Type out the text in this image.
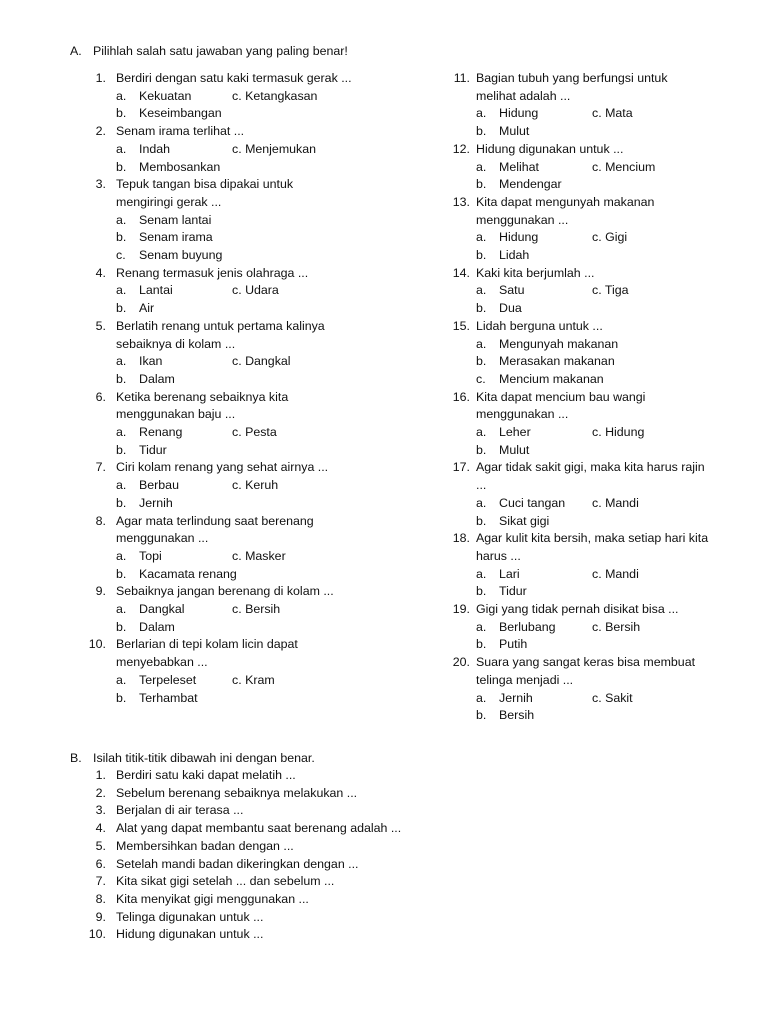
A. Pilihlah salah satu jawaban yang paling benar!
B. Isilah titik-titik dibawah ini dengan benar.
1. Berdiri dengan satu kaki termasuk gerak ...
a. Kekuatan	c. Ketangkasan
b. Keseimbangan
2. Senam irama terlihat ...
a. Indah	c. Menjemukan
b. Membosankan
3. Tepuk tangan bisa dipakai untuk
mengiringi gerak ...
a. Senam lantai
b. Senam irama
c. Senam buyung
4. Renang termasuk jenis olahraga ...
a. Lantai	c. Udara
b. Air
5. Berlatih renang untuk pertama kalinya
sebaiknya di kolam ...
a. Ikan	c. Dangkal
b. Dalam
6. Ketika berenang sebaiknya kita
menggunakan baju ...
a. Renang	c. Pesta
b. Tidur
7. Ciri kolam renang yang sehat airnya ...
a. Berbau	c. Keruh
b. Jernih
8. Agar mata terlindung saat berenang
menggunakan ...
a. Topi	c. Masker
b. Kacamata renang
9. Sebaiknya jangan berenang di kolam ...
a. Dangkal	c. Bersih
b. Dalam
10. Berlarian di tepi kolam licin dapat
menyebabkan ...
a. Terpeleset	c. Kram
b. Terhambat
11. Bagian tubuh yang berfungsi untuk
melihat adalah ...
a. Hidung	c. Mata
b. Mulut
12. Hidung digunakan untuk ...
a. Melihat	c. Mencium
b. Mendengar
13. Kita dapat mengunyah makanan
menggunakan ...
a. Hidung	c. Gigi
b. Lidah
14. Kaki kita berjumlah ...
a. Satu	c. Tiga
b. Dua
15. Lidah berguna untuk ...
a. Mengunyah makanan
b. Merasakan makanan
c. Mencium makanan
16. Kita dapat mencium bau wangi
menggunakan ...
a. Leher	c. Hidung
b. Mulut
17. Agar tidak sakit gigi, maka kita harus rajin
...
a. Cuci tangan c. Mandi
b. Sikat gigi
18. Agar kulit kita bersih, maka setiap hari kita
harus ...
a. Lari	c. Mandi
b. Tidur
19. Gigi yang tidak pernah disikat bisa ...
a. Berlubang	c. Bersih
b. Putih
20. Suara yang sangat keras bisa membuat
telinga menjadi ...
a. Jernih	c. Sakit
b. Bersih
1. Berdiri satu kaki dapat melatih ...
2. Sebelum berenang sebaiknya melakukan ...
3. Berjalan di air terasa ...
4. Alat yang dapat membantu saat berenang adalah ...
5. Membersihkan badan dengan ...
6. Setelah mandi badan dikeringkan dengan ...
7. Kita sikat gigi setelah ... dan sebelum ...
8. Kita menyikat gigi menggunakan ...
9. Telinga digunakan untuk ...
10. Hidung digunakan untuk ...
